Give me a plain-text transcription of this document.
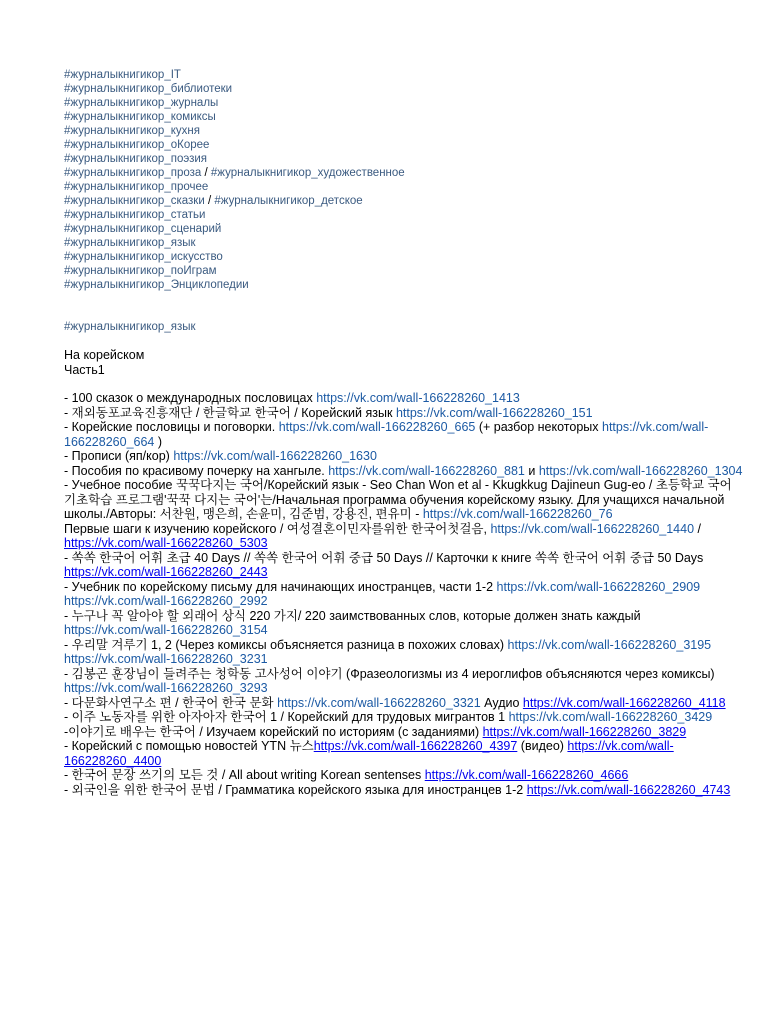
#журналыкнигикор_IT
#журналыкнигикор_библиотеки
#журналыкнигикор_журналы
#журналыкнигикор_комиксы
#журналыкнигикор_кухня
#журналыкнигикор_оКорее
#журналыкнигикор_поэзия
#журналыкнигикор_проза / #журналыкнигикор_художественное
#журналыкнигикор_прочее
#журналыкнигикор_сказки / #журналыкнигикор_детское
#журналыкнигикор_статьи
#журналыкнигикор_сценарий
#журналыкнигикор_язык
#журналыкнигикор_искусство
#журналыкнигикор_поИграм
#журналыкнигикор_Энциклопедии
#журналыкнигикор_язык
На корейском
Часть1
- 100 сказок о международных пословицах https://vk.com/wall-166228260_1413
- 재외동포교육진흥재단 / 한글학교 한국어 / Корейский язык https://vk.com/wall-166228260_151
- Корейские пословицы и поговорки. https://vk.com/wall-166228260_665 (+ разбор некоторых https://vk.com/wall-166228260_664 )
- Прописи (яп/кор) https://vk.com/wall-166228260_1630
- Пособия по красивому почерку на хангыле. https://vk.com/wall-166228260_881 и https://vk.com/wall-166228260_1304
- Учебное пособие 꾹꾹다지는 국어/Корейский язык - Seo Chan Won et al - Kkugkkug Dajineun Gug-eo / 초등학교 국어 기초학습 프로그램'꾹꾹 다지는 국어'는/Начальная программа обучения корейскому языку. Для учащихся начальной школы./Авторы: 서찬원, 맹은희, 손윤미, 김준범, 강용진, 편유미 - https://vk.com/wall-166228260_76
Первые шаги к изучению корейского / 여성결혼이민자를위한 한국어첫걸음, https://vk.com/wall-166228260_1440 / https://vk.com/wall-166228260_5303
- 쏙쏙 한국어 어휘 초급 40 Days // 쏙쏙 한국어 어휘 중급 50 Days // Карточки к книге 쏙쏙 한국어 어휘 중급 50 Days https://vk.com/wall-166228260_2443
- Учебник по корейскому письму для начинающих иностранцев, части 1-2 https://vk.com/wall-166228260_2909 https://vk.com/wall-166228260_2992
- 누구나 꼭 알아야 할 외래어 상식 220 가지/ 220 заимствованных слов, которые должен знать каждый https://vk.com/wall-166228260_3154
- 우리말 겨루기 1, 2 (Через комиксы объясняется разница в похожих словах) https://vk.com/wall-166228260_3195 https://vk.com/wall-166228260_3231
- 김봉곤 훈장님이 들려주는 청학동 고사성어 이야기 (Фразеологизмы из 4 иероглифов объясняются через комиксы) https://vk.com/wall-166228260_3293
- 다문화사연구소 편 / 한국어 한국 문화 https://vk.com/wall-166228260_3321 Аудио https://vk.com/wall-166228260_4118
- 이주 노동자를 위한 아자아자 한국어 1 / Корейский для трудовых мигрантов 1 https://vk.com/wall-166228260_3429
-이야기로 배우는 한국어 / Изучаем корейский по историям (с заданиями) https://vk.com/wall-166228260_3829
- Корейский с помощью новостей YTN 뉴스https://vk.com/wall-166228260_4397 (видео) https://vk.com/wall-166228260_4400
- 한국어 문장 쓰기의 모든 것 / All about writing Korean sentenses https://vk.com/wall-166228260_4666
- 외국인을 위한 한국어 문법 / Грамматика корейского языка для иностранцев 1-2 https://vk.com/wall-166228260_4743
